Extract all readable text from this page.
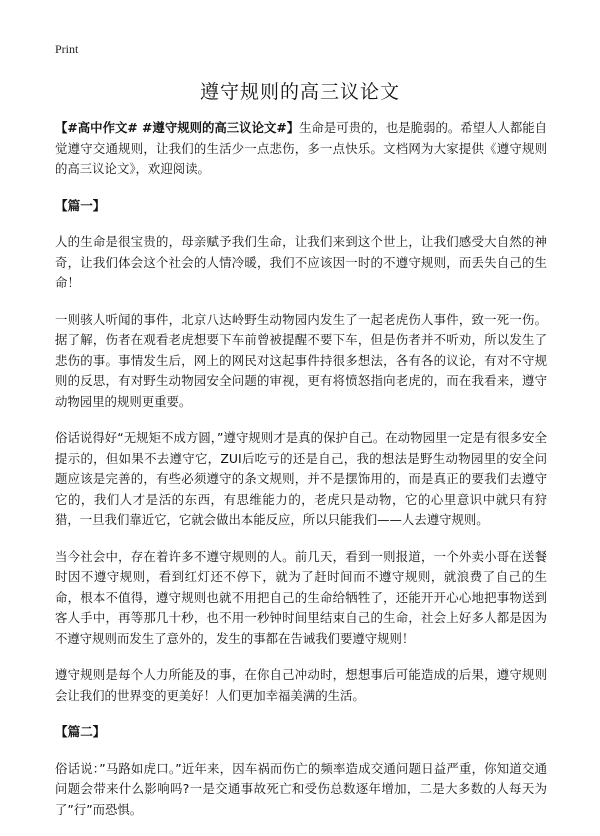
Print
遵守规则的高三议论文

【#高中作文# #遵守规则的高三议论文#】生命是可贵的，也是脆弱的。希望人人都能自觉遵守交通规则，让我们的生活少一点悲伤，多一点快乐。文档网为大家提供《遵守规则的高三议论文》，欢迎阅读。

【篇一】

人的生命是很宝贵的，母亲赋予我们生命，让我们来到这个世上，让我们感受大自然的神奇，让我们体会这个社会的人情冷暖，我们不应该因一时的不遵守规则，而丢失自己的生命！

一则骇人听闻的事件，北京八达岭野生动物园内发生了一起老虎伤人事件，致一死一伤。据了解，伤者在观看老虎想要下车前曾被提醒不要下车，但是伤者并不听劝，所以发生了悲伤的事。事情发生后，网上的网民对这起事件持很多想法，各有各的议论，有对不守规则的反思，有对野生动物园安全问题的审视，更有将愤怒指向老虎的，而在我看来，遵守动物园里的规则更重要。

俗话说得好“无规矩不成方圆，”遵守规则才是真的保护自己。在动物园里一定是有很多安全提示的，但如果不去遵守它，ZUI后吃亏的还是自己，我的想法是野生动物园里的安全问题应该是完善的，有些必须遵守的条文规则，并不是摆饰用的，而是真正的要我们去遵守它的，我们人才是活的东西，有思维能力的，老虎只是动物，它的心里意识中就只有狩猎，一旦我们靠近它，它就会做出本能反应，所以只能我们——人去遵守规则。

当今社会中，存在着许多不遵守规则的人。前几天，看到一则报道，一个外卖小哥在送餐时因不遵守规则，看到红灯还不停下，就为了赶时间而不遵守规则，就浪费了自己的生命，根本不值得，遵守规则也就不用把自己的生命给牺牲了，还能开开心心地把事物送到客人手中，再等那几十秒，也不用一秒钟时间里结束自己的生命，社会上好多人都是因为不遵守规则而发生了意外的，发生的事都在告诫我们要遵守规则！

遵守规则是每个人力所能及的事，在你自己冲动时，想想事后可能造成的后果，遵守规则会让我们的世界变的更美好！人们更加幸福美满的生活。

【篇二】

俗话说：”马路如虎口。”近年来，因车祸而伤亡的频率造成交通问题日益严重，你知道交通问题会带来什么影响吗?一是交通事故死亡和受伤总数逐年增加，二是大多数的人每天为了”行”而恐惧。
